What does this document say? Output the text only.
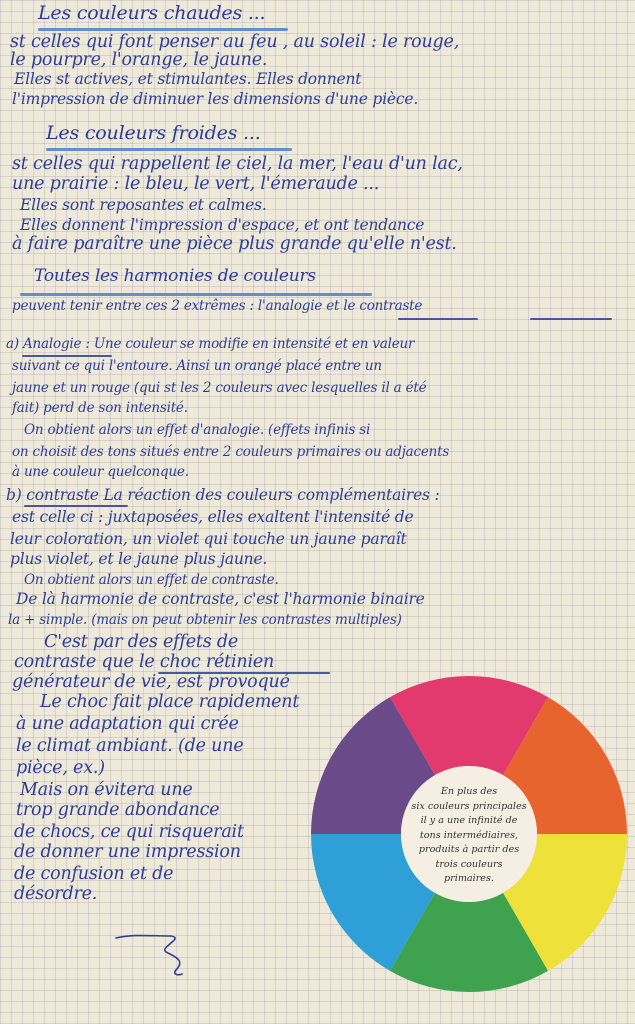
Les couleurs chaudes ...

st celles qui font penser au feu , au soleil : le rouge,

le pourpre, l'orange, le jaune.

Elles st actives, et stimulantes. Elles donnent

l'impression de diminuer les dimensions d'une pièce.

Les couleurs froides ...

st celles qui rappellent le ciel, la mer, l'eau d'un lac,

une prairie : le bleu, le vert, l'émeraude ...

Elles sont reposantes et calmes.

Elles donnent l'impression d'espace, et ont tendance

à faire paraître une pièce plus grande qu'elle n'est.

Toutes les harmonies de couleurs

peuvent tenir entre ces 2 extrêmes : l'analogie et le contraste

a) Analogie : Une couleur se modifie en intensité et en valeur

suivant ce qui l'entoure. Ainsi un orangé placé entre un

jaune et un rouge (qui st les 2 couleurs avec lesquelles il a été

fait) perd de son intensité.

On obtient alors un effet d'analogie. (effets infinis si

on choisit des tons situés entre 2 couleurs primaires ou adjacents

à une couleur quelconque.

b) contraste La réaction des couleurs complémentaires :

est celle ci : juxtaposées, elles exaltent l'intensité de

leur coloration, un violet qui touche un jaune paraît

plus violet, et le jaune plus jaune.

On obtient alors un effet de contraste.

De là harmonie de contraste, c'est l'harmonie binaire

la + simple. (mais on peut obtenir les contrastes multiples)

C'est par des effets de

contraste que le choc rétinien

générateur de vie, est provoqué

Le choc fait place rapidement

à une adaptation qui crée

le climat ambiant. (de une

pièce, ex.)

Mais on évitera une

trop grande abondance

de chocs, ce qui risquerait

de donner une impression

de confusion et de

désordre.

En plus des
six couleurs principales
il y a une infinité de
tons intermédiaires,
produits à partir des
trois couleurs
primaires.
